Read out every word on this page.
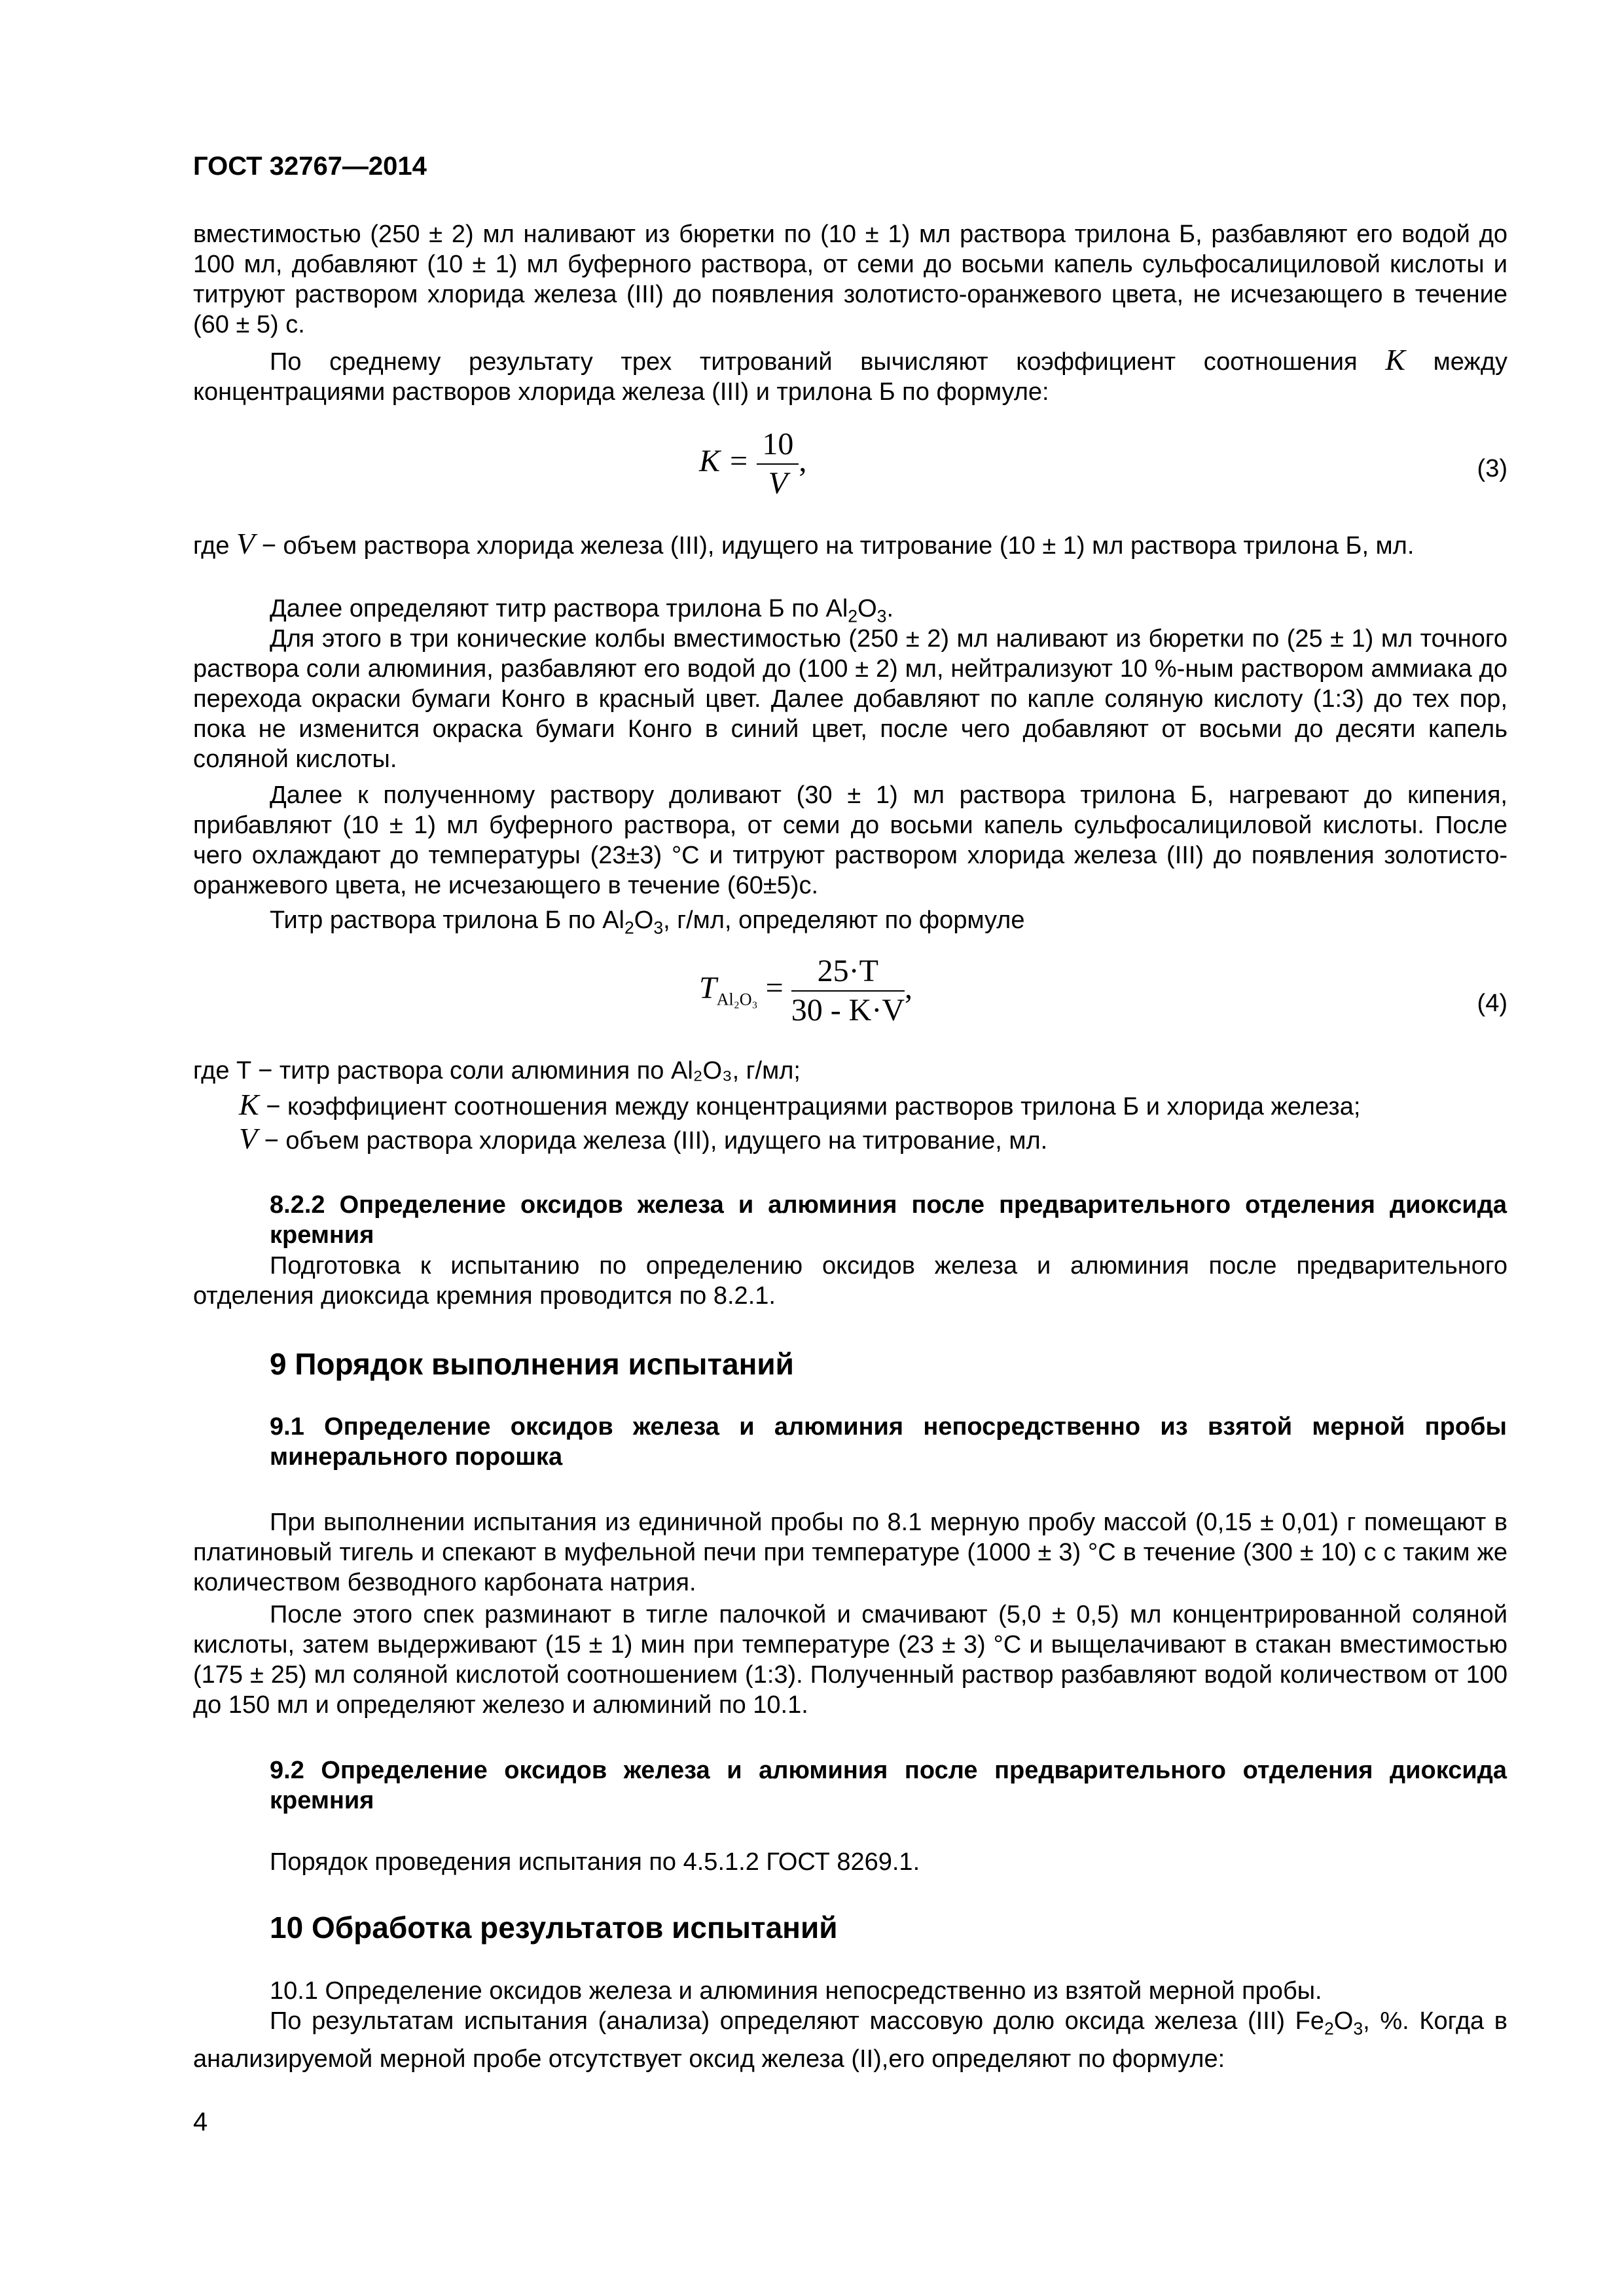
ГОСТ 32767—2014
вместимостью (250 ± 2) мл наливают из бюретки по (10 ± 1) мл раствора трилона Б, разбавляют его водой до 100 мл, добавляют (10 ± 1) мл буферного раствора, от семи до восьми капель сульфосалициловой кислоты и титруют раствором хлорида железа (III) до появления золотисто-оранжевого цвета, не исчезающего в течение (60 ± 5) с.
По среднему результату трех титрований вычисляют коэффициент соотношения K между концентрациями растворов хлорида железа (III) и трилона Б по формуле:
$K = \frac{10}{V}$ ,	(3)
где V − объем раствора хлорида железа (III), идущего на титрование (10 ± 1) мл раствора трилона Б, мл.
Далее определяют титр раствора трилона Б по $Al_2O_3$.
Для этого в три конические колбы вместимостью (250 ± 2) мл наливают из бюретки по (25 ± 1) мл точного раствора соли алюминия, разбавляют его водой до (100 ± 2) мл, нейтрализуют 10 %-ным раствором аммиака до перехода окраски бумаги Конго в красный цвет. Далее добавляют по капле соляную кислоту (1:3) до тех пор, пока не изменится окраска бумаги Конго в синий цвет, после чего добавляют от восьми до десяти капель соляной кислоты.
Далее к полученному раствору доливают (30 ± 1) мл раствора трилона Б, нагревают до кипения, прибавляют (10 ± 1) мл буферного раствора, от семи до восьми капель сульфосалициловой кислоты. После чего охлаждают до температуры (23±3) °С и титруют раствором хлорида железа (III) до появления золотисто-оранжевого цвета, не исчезающего в течение (60±5)с.
Титр раствора трилона Б по $Al_2O_3$, г/мл, определяют по формуле
$T_{Al_2O_3} = \frac{25\cdot T}{30 - K\cdot V}$ ,	(4)
где T − титр раствора соли алюминия по Al₂O₃, г/мл;
K − коэффициент соотношения между концентрациями растворов трилона Б и хлорида железа;
V − объем раствора хлорида железа (III), идущего на титрование, мл.
8.2.2 Определение оксидов железа и алюминия после предварительного отделения диоксида кремния
Подготовка к испытанию по определению оксидов железа и алюминия после предварительного отделения диоксида кремния проводится по 8.2.1.
9 Порядок выполнения испытаний
9.1 Определение оксидов железа и алюминия непосредственно из взятой мерной пробы минерального порошка
При выполнении испытания из единичной пробы по 8.1 мерную пробу массой (0,15 ± 0,01) г помещают в платиновый тигель и спекают в муфельной печи при температуре (1000 ± 3) °С в течение (300 ± 10) с с таким же количеством безводного карбоната натрия.
После этого спек разминают в тигле палочкой и смачивают (5,0 ± 0,5) мл концентрированной соляной кислоты, затем выдерживают (15 ± 1) мин при температуре (23 ± 3) °С и выщелачивают в стакан вместимостью (175 ± 25) мл соляной кислотой соотношением (1:3). Полученный раствор разбавляют водой количеством от 100 до 150 мл и определяют железо и алюминий по 10.1.
9.2 Определение оксидов железа и алюминия после предварительного отделения диоксида кремния
Порядок проведения испытания по 4.5.1.2 ГОСТ 8269.1.
10 Обработка результатов испытаний
10.1 Определение оксидов железа и алюминия непосредственно из взятой мерной пробы.
По результатам испытания (анализа) определяют массовую долю оксида железа (III) $Fe_2O_3$, %. Когда в анализируемой мерной пробе отсутствует оксид железа (II),его определяют по формуле:
4
